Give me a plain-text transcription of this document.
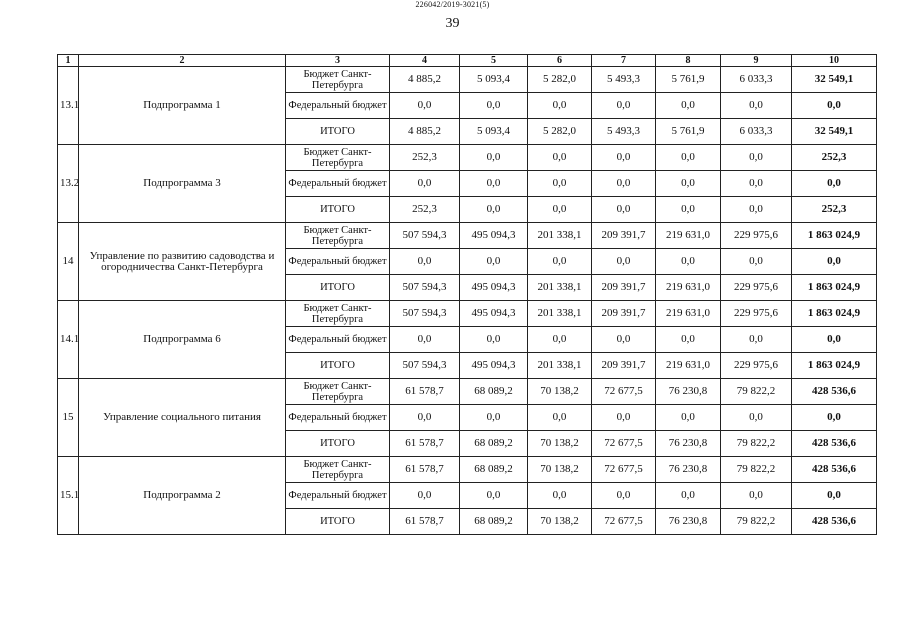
226042/2019-3021(5)
39
1	2	3	4	5	6	7	8	9	10
13.1	Подпрограмма 1	Бюджет Санкт-Петербурга	4 885,2	5 093,4	5 282,0	5 493,3	5 761,9	6 033,3	32 549,1
		Федеральный бюджет	0,0	0,0	0,0	0,0	0,0	0,0	0,0
		ИТОГО	4 885,2	5 093,4	5 282,0	5 493,3	5 761,9	6 033,3	32 549,1
13.2	Подпрограмма 3	Бюджет Санкт-Петербурга	252,3	0,0	0,0	0,0	0,0	0,0	252,3
		Федеральный бюджет	0,0	0,0	0,0	0,0	0,0	0,0	0,0
		ИТОГО	252,3	0,0	0,0	0,0	0,0	0,0	252,3
14	Управление по развитию садоводства и огородничества Санкт-Петербурга	Бюджет Санкт-Петербурга	507 594,3	495 094,3	201 338,1	209 391,7	219 631,0	229 975,6	1 863 024,9
		Федеральный бюджет	0,0	0,0	0,0	0,0	0,0	0,0	0,0
		ИТОГО	507 594,3	495 094,3	201 338,1	209 391,7	219 631,0	229 975,6	1 863 024,9
14.1	Подпрограмма 6	Бюджет Санкт-Петербурга	507 594,3	495 094,3	201 338,1	209 391,7	219 631,0	229 975,6	1 863 024,9
		Федеральный бюджет	0,0	0,0	0,0	0,0	0,0	0,0	0,0
		ИТОГО	507 594,3	495 094,3	201 338,1	209 391,7	219 631,0	229 975,6	1 863 024,9
15	Управление социального питания	Бюджет Санкт-Петербурга	61 578,7	68 089,2	70 138,2	72 677,5	76 230,8	79 822,2	428 536,6
		Федеральный бюджет	0,0	0,0	0,0	0,0	0,0	0,0	0,0
		ИТОГО	61 578,7	68 089,2	70 138,2	72 677,5	76 230,8	79 822,2	428 536,6
15.1	Подпрограмма 2	Бюджет Санкт-Петербурга	61 578,7	68 089,2	70 138,2	72 677,5	76 230,8	79 822,2	428 536,6
		Федеральный бюджет	0,0	0,0	0,0	0,0	0,0	0,0	0,0
		ИТОГО	61 578,7	68 089,2	70 138,2	72 677,5	76 230,8	79 822,2	428 536,6
